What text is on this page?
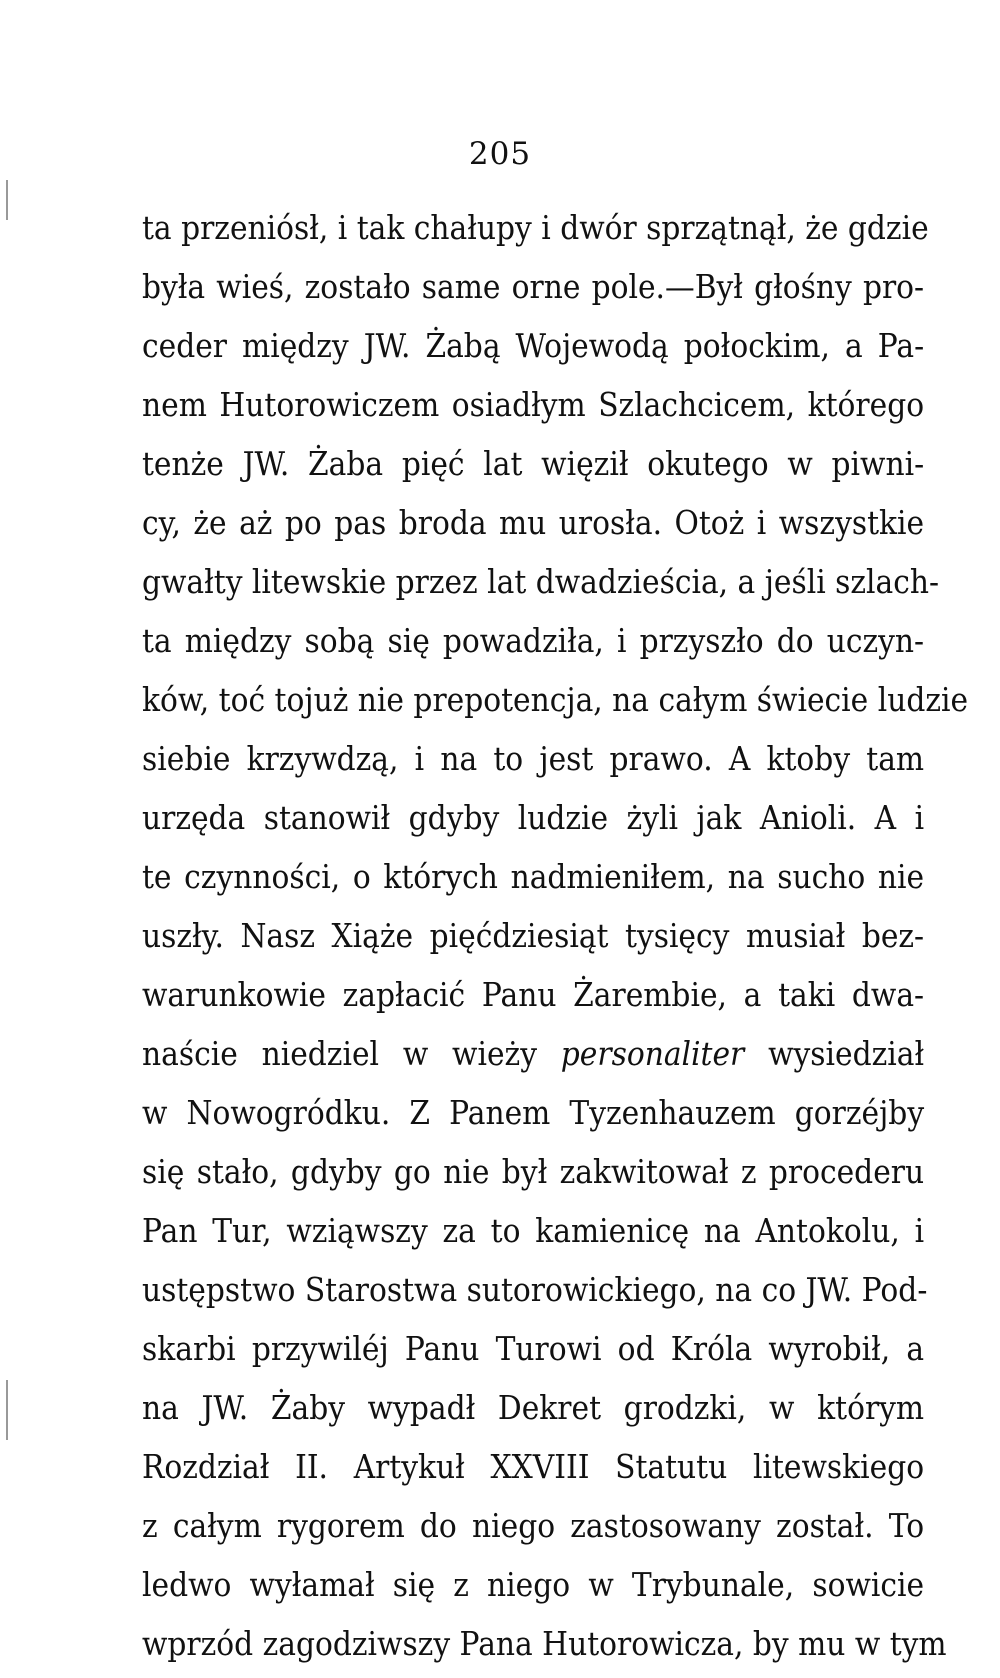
205
ta przeniósł, i tak chałupy i dwór sprzątnął, że gdzie
była wieś, zostało same orne pole.—Był głośny pro-
ceder między JW. Żabą Wojewodą połockim, a Pa-
nem Hutorowiczem osiadłym Szlachcicem, którego
tenże JW. Żaba pięć lat więził okutego w piwni-
cy, że aż po pas broda mu urosła. Otoż i wszystkie
gwałty litewskie przez lat dwadzieścia, a jeśli szlach-
ta między sobą się powadziła, i przyszło do uczyn-
ków, toć tojuż nie prepotencja, na całym świecie ludzie
siebie krzywdzą, i na to jest prawo. A ktoby tam
urzęda stanowił gdyby ludzie żyli jak Anioli. A i
te czynności, o których nadmieniłem, na sucho nie
uszły. Nasz Xiąże pięćdziesiąt tysięcy musiał bez-
warunkowie zapłacić Panu Żarembie, a taki dwa-
naście niedziel w wieży personaliter wysiedział
w Nowogródku. Z Panem Tyzenhauzem gorzéjby
się stało, gdyby go nie był zakwitował z procederu
Pan Tur, wziąwszy za to kamienicę na Antokolu, i
ustępstwo Starostwa sutorowickiego, na co JW. Pod-
skarbi przywiléj Panu Turowi od Króla wyrobił, a
na JW. Żaby wypadł Dekret grodzki, w którym
Rozdział II. Artykuł XXVIII Statutu litewskiego
z całym rygorem do niego zastosowany został. To
ledwo wyłamał się z niego w Trybunale, sowicie
wprzód zagodziwszy Pana Hutorowicza, by mu w tym
